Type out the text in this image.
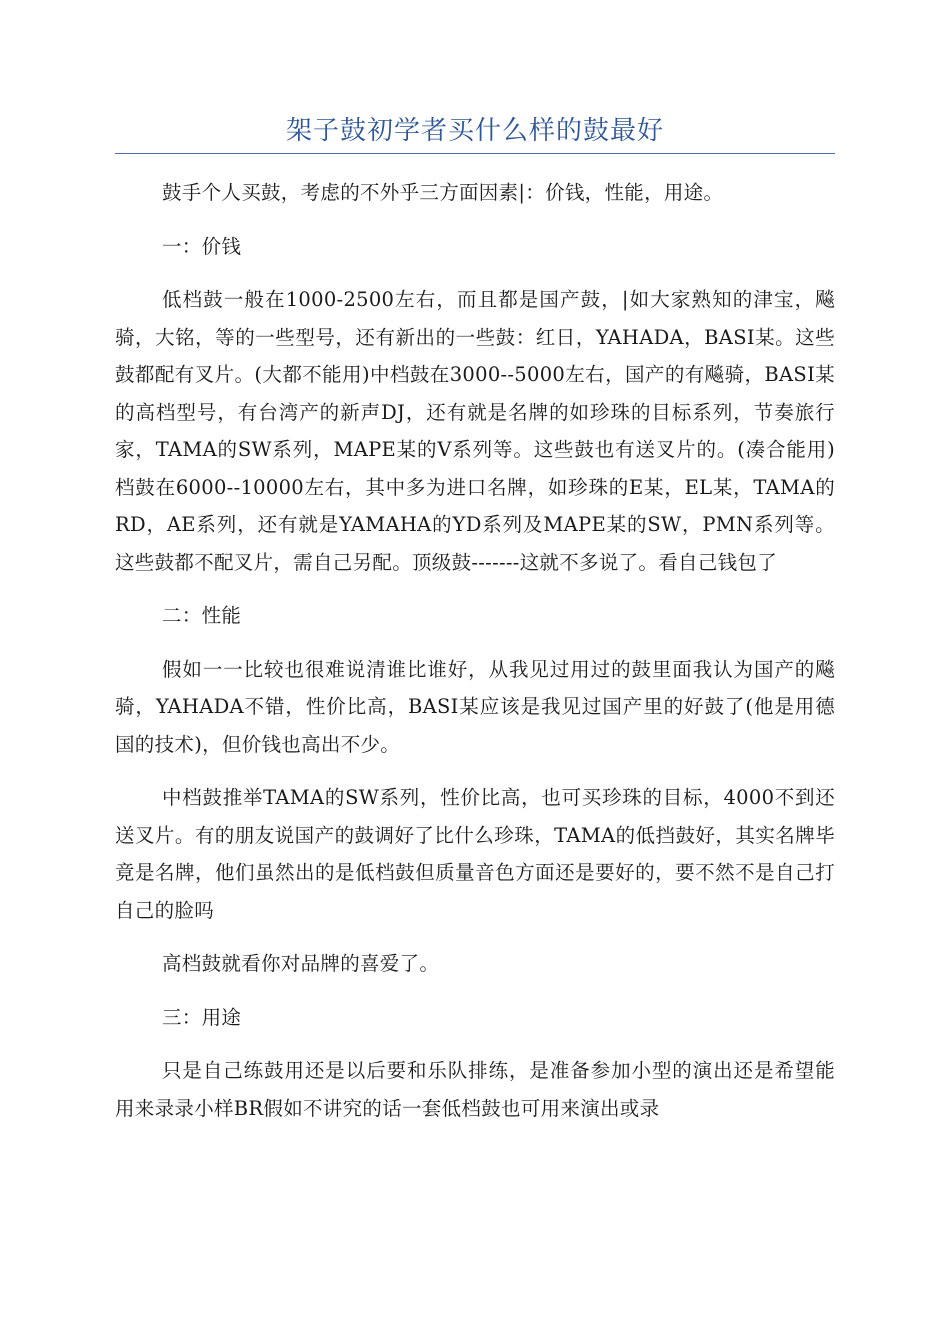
架子鼓初学者买什么样的鼓最好

鼓手个人买鼓，考虑的不外乎三方面因素|：价钱，性能，用途。

一：价钱

低档鼓一般在1000-2500左右，而且都是国产鼓，|如大家熟知的津宝，飚骑，大铭，等的一些型号，还有新出的一些鼓：红日，YAHADA，BASI某。这些鼓都配有叉片。(大都不能用)中档鼓在3000--5000左右，国产的有飚骑，BASI某的高档型号，有台湾产的新声DJ，还有就是名牌的如珍珠的目标系列，节奏旅行家，TAMA的SW系列，MAPE某的V系列等。这些鼓也有送叉片的。(凑合能用)档鼓在6000--10000左右，其中多为进口名牌，如珍珠的E某，EL某，TAMA的RD，AE系列，还有就是YAMAHA的YD系列及MAPE某的SW，PMN系列等。这些鼓都不配叉片，需自己另配。顶级鼓-------这就不多说了。看自己钱包了

二：性能

假如一一比较也很难说清谁比谁好，从我见过用过的鼓里面我认为国产的飚骑，YAHADA不错，性价比高，BASI某应该是我见过国产里的好鼓了(他是用德国的技术)，但价钱也高出不少。

中档鼓推举TAMA的SW系列，性价比高，也可买珍珠的目标，4000不到还送叉片。有的朋友说国产的鼓调好了比什么珍珠，TAMA的低挡鼓好，其实名牌毕竟是名牌，他们虽然出的是低档鼓但质量音色方面还是要好的，要不然不是自己打自己的脸吗

高档鼓就看你对品牌的喜爱了。

三：用途

只是自己练鼓用还是以后要和乐队排练，是准备参加小型的演出还是希望能用来录录小样BR假如不讲究的话一套低档鼓也可用来演出或录
